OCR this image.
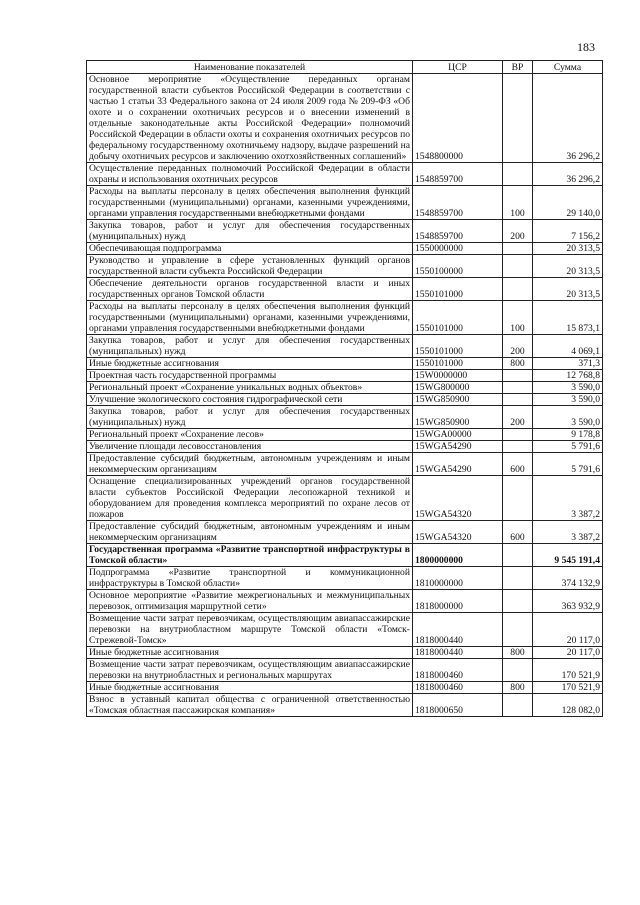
183
Наименование показателей	ЦСР	ВР	Сумма
Основное мероприятие «Осуществление переданных органам государственной власти субъектов Российской Федерации в соответствии с частью 1 статьи 33 Федерального закона от 24 июля 2009 года № 209-ФЗ «Об охоте и о сохранении охотничьих ресурсов и о внесении изменений в отдельные законодательные акты Российской Федерации» полномочий Российской Федерации в области охоты и сохранения охотничьих ресурсов по федеральному государственному охотничьему надзору, выдаче разрешений на добычу охотничьих ресурсов и заключению охотхозяйственных соглашений»	1548800000		36 296,2
Осуществление переданных полномочий Российской Федерации в области охраны и использования охотничьих ресурсов	1548859700		36 296,2
Расходы на выплаты персоналу в целях обеспечения выполнения функций государственными (муниципальными) органами, казенными учреждениями, органами управления государственными внебюджетными фондами	1548859700	100	29 140,0
Закупка товаров, работ и услуг для обеспечения государственных (муниципальных) нужд	1548859700	200	7 156,2
Обеспечивающая подпрограмма	1550000000		20 313,5
Руководство и управление в сфере установленных функций органов государственной власти субъекта Российской Федерации	1550100000		20 313,5
Обеспечение деятельности органов государственной власти и иных государственных органов Томской области	1550101000		20 313,5
Расходы на выплаты персоналу в целях обеспечения выполнения функций государственными (муниципальными) органами, казенными учреждениями, органами управления государственными внебюджетными фондами	1550101000	100	15 873,1
Закупка товаров, работ и услуг для обеспечения государственных (муниципальных) нужд	1550101000	200	4 069,1
Иные бюджетные ассигнования	1550101000	800	371,3
Проектная часть государственной программы	15W0000000		12 768,8
Региональный проект «Сохранение уникальных водных объектов»	15WG800000		3 590,0
Улучшение экологического состояния гидрографической сети	15WG850900		3 590,0
Закупка товаров, работ и услуг для обеспечения государственных (муниципальных) нужд	15WG850900	200	3 590,0
Региональный проект «Сохранение лесов»	15WGA00000		9 178,8
Увеличение площади лесовосстановления	15WGA54290		5 791,6
Предоставление субсидий бюджетным, автономным учреждениям и иным некоммерческим организациям	15WGA54290	600	5 791,6
Оснащение специализированных учреждений органов государственной власти субъектов Российской Федерации лесопожарной техникой и оборудованием для проведения комплекса мероприятий по охране лесов от пожаров	15WGA54320		3 387,2
Предоставление субсидий бюджетным, автономным учреждениям и иным некоммерческим организациям	15WGA54320	600	3 387,2
Государственная программа «Развитие транспортной инфраструктуры в Томской области»	1800000000		9 545 191,4
Подпрограмма «Развитие транспортной и коммуникационной инфраструктуры в Томской области»	1810000000		374 132,9
Основное мероприятие «Развитие межрегиональных и межмуниципальных перевозок, оптимизация маршрутной сети»	1818000000		363 932,9
Возмещение части затрат перевозчикам, осуществляющим авиапассажирские перевозки на внутриобластном маршруте Томской области «Томск-Стрежевой-Томск»	1818000440		20 117,0
Иные бюджетные ассигнования	1818000440	800	20 117,0
Возмещение части затрат перевозчикам, осуществляющим авиапассажирские перевозки на внутриобластных и региональных маршрутах	1818000460		170 521,9
Иные бюджетные ассигнования	1818000460	800	170 521,9
Взнос в уставный капитал общества с ограниченной ответственностью «Томская областная пассажирская компания»	1818000650		128 082,0
